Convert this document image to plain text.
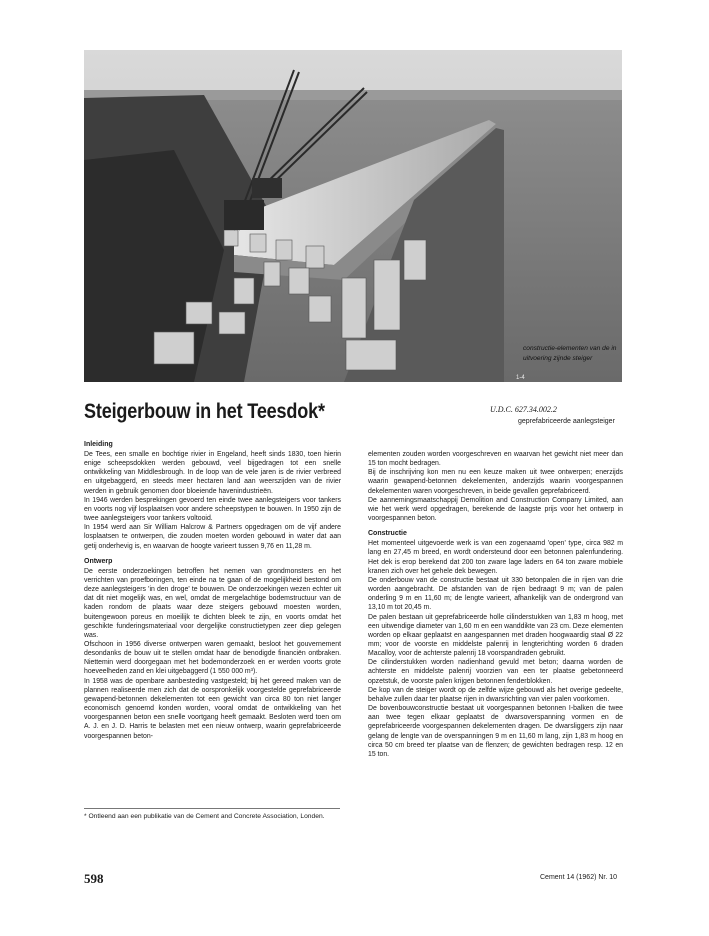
1-4
constructie-elementen van de in uitvoering zijnde steiger
Steigerbouw in het Teesdok*	U.D.C. 627.34.002.2
geprefabriceerde aanlegsteiger
Inleiding

De Tees, een smalle en bochtige rivier in Engeland, heeft sinds 1830, toen hierin enige scheepsdokken werden gebouwd, veel bijgedragen tot een snelle ontwikkeling van Middlesbrough. In de loop van de vele jaren is de rivier verbreed en uitgebaggerd, en steeds meer hectaren land aan weerszijden van de rivier werden in gebruik genomen door bloeiende havenindustrieën.

In 1946 werden besprekingen gevoerd ten einde twee aanlegsteigers voor tankers en voorts nog vijf losplaatsen voor andere scheepstypen te bouwen. In 1950 zijn de twee aanlegsteigers voor tankers voltooid.

In 1954 werd aan Sir William Halcrow & Partners opgedragen om de vijf andere losplaatsen te ontwerpen, die zouden moeten worden gebouwd in water dat aan getij onderhevig is, en waarvan de hoogte varieert tussen 9,76 en 11,28 m.

Ontwerp

De eerste onderzoekingen betroffen het nemen van grondmonsters en het verrichten van proefboringen, ten einde na te gaan of de mogelijkheid bestond om deze aanlegsteigers 'in den droge' te bouwen. De onderzoekingen wezen echter uit dat dit niet mogelijk was, en wel, omdat de mergelachtige bodemstructuur van de kaden rondom de plaats waar deze steigers gebouwd moesten worden, buitengewoon poreus en moeilijk te dichten bleek te zijn, en voorts omdat het geschikte funderingsmateriaal voor dergelijke constructietypen zeer diep gelegen was.

Ofschoon in 1956 diverse ontwerpen waren gemaakt, besloot het gouvernement desondanks de bouw uit te stellen omdat haar de benodigde financiën ontbraken. Niettemin werd doorgegaan met het bodemonderzoek en er werden voorts grote hoeveelheden zand en klei uitgebaggerd (1 550 000 m³).

In 1958 was de openbare aanbesteding vastgesteld; bij het gereed maken van de plannen realiseerde men zich dat de oorspronkelijk voorgestelde geprefabriceerde gewapend-betonnen dekelementen tot een gewicht van circa 80 ton niet langer economisch genoemd konden worden, vooral omdat de ontwikkeling van het voorgespannen beton een snelle voortgang heeft gemaakt. Besloten werd toen om A. J. en J. D. Harris te belasten met een nieuw ontwerp, waarin geprefabriceerde voorgespannen beton-

* Ontleend aan een publikatie van de Cement and Concrete Association, Londen.

elementen zouden worden voorgeschreven en waarvan het gewicht niet meer dan 15 ton mocht bedragen.

Bij de inschrijving kon men nu een keuze maken uit twee ontwerpen; enerzijds waarin gewapend-betonnen dekelementen, anderzijds waarin voorgespannen dekelementen waren voorgeschreven, in beide gevallen geprefabriceerd.

De aannemingsmaatschappij Demolition and Construction Company Limited, aan wie het werk werd opgedragen, berekende de laagste prijs voor het ontwerp in voorgespannen beton.

Constructie

Het momenteel uitgevoerde werk is van een zogenaamd 'open' type, circa 982 m lang en 27,45 m breed, en wordt ondersteund door een betonnen palenfundering. Het dek is erop berekend dat 200 ton zware lage laders en 64 ton zware mobiele kranen zich over het gehele dek bewegen.

De onderbouw van de constructie bestaat uit 330 betonpalen die in rijen van drie worden aangebracht. De afstanden van de rijen bedraagt 9 m; van de palen onderling 9 m en 11,60 m; de lengte varieert, afhankelijk van de ondergrond van 13,10 m tot 20,45 m.

De palen bestaan uit geprefabriceerde holle cilinderstukken van 1,83 m hoog, met een uitwendige diameter van 1,60 m en een wanddikte van 23 cm. Deze elementen worden op elkaar geplaatst en aangespannen met draden hoogwaardig staal Ø 22 mm; voor de voorste en middelste palenrij in lengterichting worden 6 draden Macalloy, voor de achterste palenrij 18 voorspandraden gebruikt.

De cilinderstukken worden nadienhand gevuld met beton; daarna worden de achterste en middelste palenrij voorzien van een ter plaatse gebetonneerd opzetstuk, de voorste palen krijgen betonnen fenderblokken.

De kop van de steiger wordt op de zelfde wijze gebouwd als het overige gedeelte, behalve zullen daar ter plaatse rijen in dwarsrichting van vier palen voorkomen.

De bovenbouwconstructie bestaat uit voorgespannen betonnen I-balken die twee aan twee tegen elkaar geplaatst de dwarsoverspanning vormen en de geprefabriceerde voorgespannen dekelementen dragen. De dwarsliggers zijn naar gelang de lengte van de overspanningen 9 m en 11,60 m lang, zijn 1,83 m hoog en circa 50 cm breed ter plaatse van de flenzen; de gewichten bedragen resp. 12 en 15 ton.

598	Cement 14 (1962) Nr. 10
